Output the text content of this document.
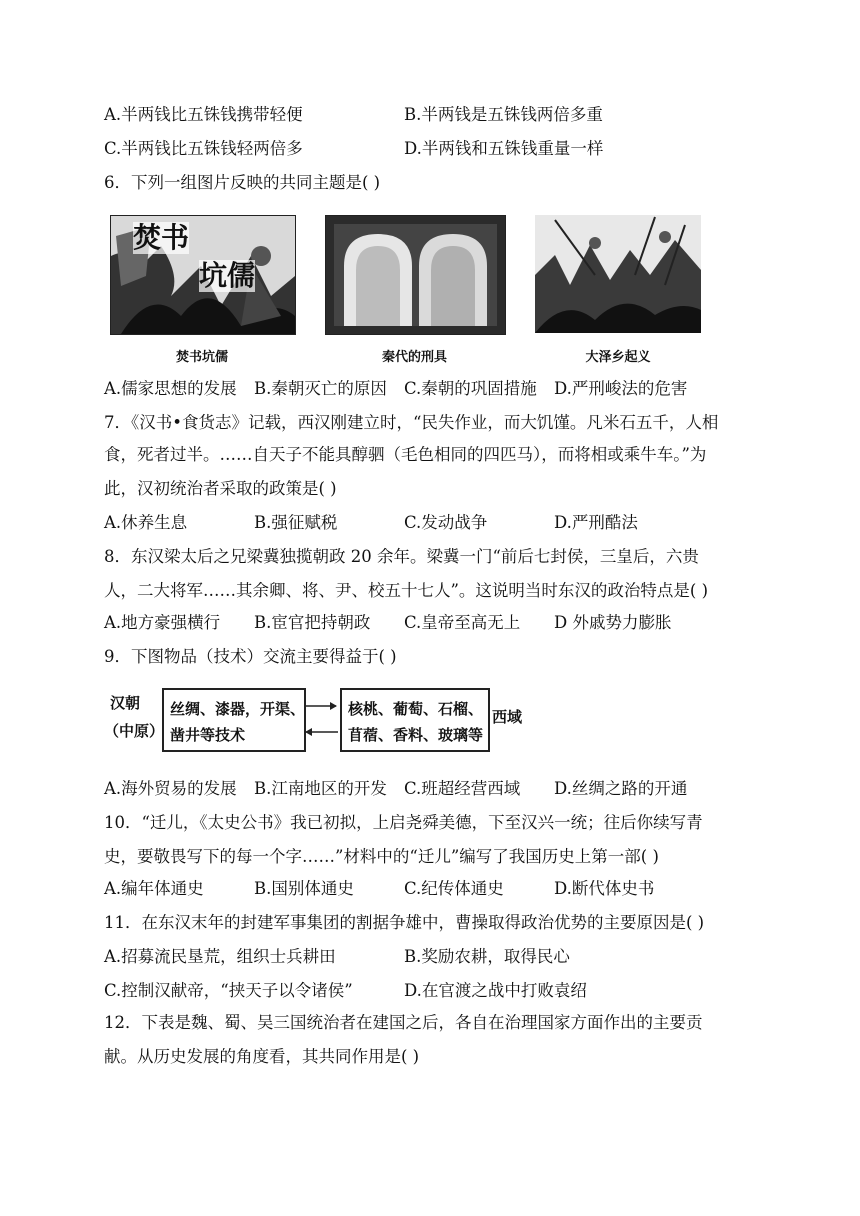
A.半两钱比五铢钱携带轻便	B.半两钱是五铢钱两倍多重
C.半两钱比五铢钱轻两倍多	D.半两钱和五铢钱重量一样
6．下列一组图片反映的共同主题是( )
焚书
坑儒
焚书坑儒	秦代的刑具	大泽乡起义
A.儒家思想的发展 B.秦朝灭亡的原因 C.秦朝的巩固措施 D.严刑峻法的危害
7．《汉书•食货志》记载，西汉刚建立时，“民失作业，而大饥馑。凡米石五千，人相
食，死者过半。……自天子不能具醇驷（毛色相同的四匹马），而将相或乘牛车。”为
此，汉初统治者采取的政策是( )
A.休养生息	B.强征赋税	C.发动战争	D.严刑酷法
8．东汉梁太后之兄梁冀独揽朝政 20 余年。梁冀一门“前后七封侯，三皇后，六贵
人，二大将军……其余卿、将、尹、校五十七人”。这说明当时东汉的政治特点是( )
A.地方豪强横行 B.宦官把持朝政 C.皇帝至高无上 D 外戚势力膨胀
9．下图物品（技术）交流主要得益于( )
汉朝
（中原）
丝绸、漆器，开渠、
凿井等技术
核桃、葡萄、石榴、
苜蓿、香料、玻璃等
西域
A.海外贸易的发展 B.江南地区的开发 C.班超经营西域 D.丝绸之路的开通
10．“迁儿，《太史公书》我已初拟，上启尧舜美德，下至汉兴一统；往后你续写青
史，要敬畏写下的每一个字……”材料中的“迁儿”编写了我国历史上第一部( )
A.编年体通史	B.国别体通史	C.纪传体通史	D.断代体史书
11．在东汉末年的封建军事集团的割据争雄中，曹操取得政治优势的主要原因是( )
A.招募流民垦荒，组织士兵耕田	B.奖励农耕，取得民心
C.控制汉献帝，“挟天子以令诸侯”	D.在官渡之战中打败袁绍
12．下表是魏、蜀、吴三国统治者在建国之后，各自在治理国家方面作出的主要贡
献。从历史发展的角度看，其共同作用是( )
